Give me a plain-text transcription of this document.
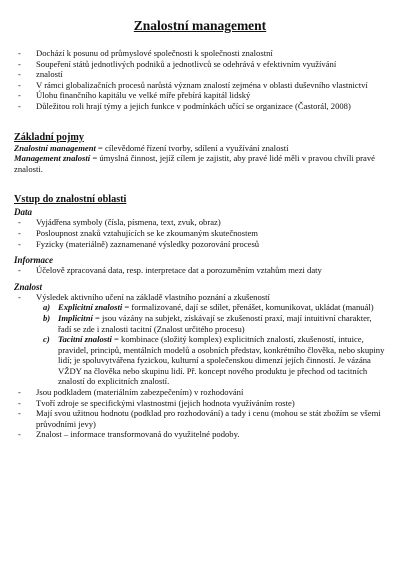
Znalostní management
- Dochází k posunu od průmyslové společnosti k společnosti znalostní
- Soupeření států jednotlivých podniků a jednotlivců se odehrává v efektivním využívání
- znalostí
- V rámci globalizačních procesů narůstá význam znalostí zejména v oblasti duševního vlastnictví
- Úlohu finančního kapitálu ve velké míře přebírá kapitál lidský
- Důležitou roli hrají týmy a jejich funkce v podmínkách učící se organizace (Častorál, 2008)
Základní pojmy
Znalostní management = cílevědomé řízení tvorby, sdílení a využívání znalostí
Management znalostí = úmyslná činnost, jejíž cílem je zajistit, aby pravé lidé měli v pravou chvíli pravé znalosti.
Vstup do znalostní oblasti
Data
- Vyjádřena symboly (čísla, písmena, text, zvuk, obraz)
- Posloupnost znaků vztahujících se ke zkoumaným skutečnostem
- Fyzicky (materiálně) zaznamenané výsledky pozorování procesů
Informace
- Účelově zpracovaná data, resp. interpretace dat a porozuměním vztahům mezi daty
Znalost
- Výsledek aktivního učení na základě vlastního poznání a zkušeností
a) Explicitní znalosti = formalizované, dají se sdílet, přenášet, komunikovat, ukládat (manuál)
b) Implicitní = jsou vázány na subjekt, získávají se zkušeností praxí, mají intuitivní charakter, řadí se zde i znalosti tacitní (Znalost určitého procesu)
c) Tacitní znalosti = kombinace (složitý komplex) explicitních znalostí, zkušeností, intuice, pravidel, principů, mentálních modelů a osobních představ, konkrétního člověka, nebo skupiny lidí; je spoluvytvářena fyzickou, kulturní a společenskou dimenzí jejích činností. Je vázána VŽDY na člověka nebo skupinu lidí. Př. koncept nového produktu je přechod od tacitních znalostí do explicitních znalostí.
- Jsou podkladem (materiálním zabezpečením) v rozhodování
- Tvoří zdroje se specifickými vlastnostmi (jejich hodnota využíváním roste)
- Mají svou užitnou hodnotu (podklad pro rozhodování) a tady i cenu (mohou se stát zbožím se všemi průvodními jevy)
- Znalost – informace transformovaná do využitelné podoby.
